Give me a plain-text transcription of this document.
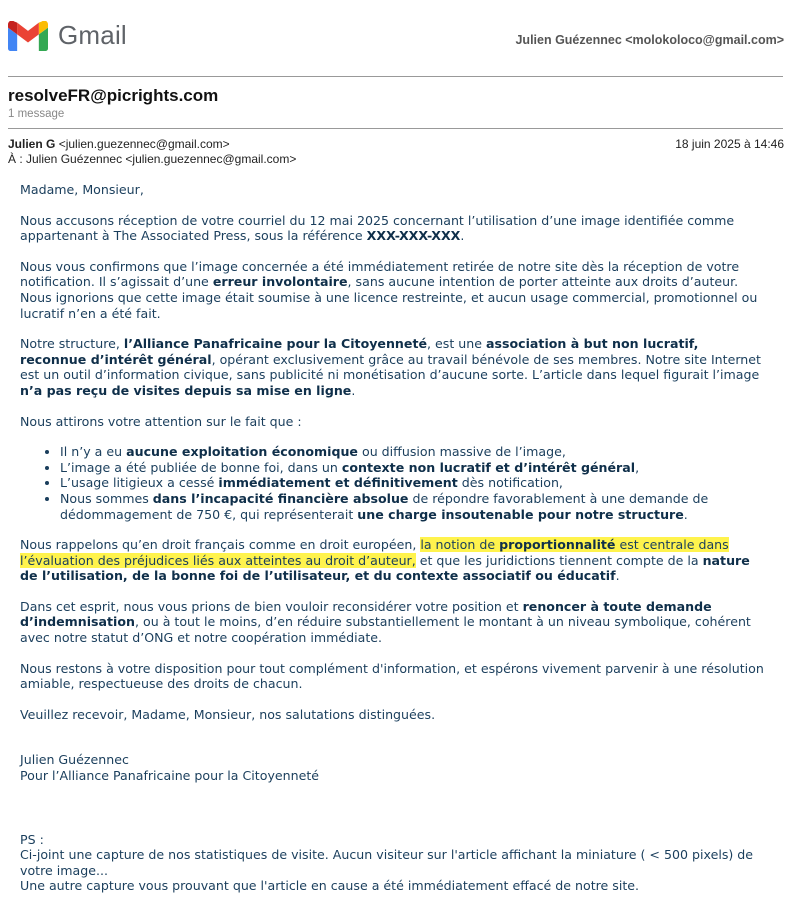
Gmail	Julien Guézennec <molokoloco@gmail.com>
resolveFR@picrights.com
1 message
Julien G <julien.guezennec@gmail.com>	18 juin 2025 à 14:46
À : Julien Guézennec <julien.guezennec@gmail.com>

Madame, Monsieur,

Nous accusons réception de votre courriel du 12 mai 2025 concernant l’utilisation d’une image identifiée comme appartenant à The Associated Press, sous la référence XXX-XXX-XXX.

Nous vous confirmons que l’image concernée a été immédiatement retirée de notre site dès la réception de votre notification. Il s’agissait d’une erreur involontaire, sans aucune intention de porter atteinte aux droits d’auteur. Nous ignorions que cette image était soumise à une licence restreinte, et aucun usage commercial, promotionnel ou lucratif n’en a été fait.

Notre structure, l’Alliance Panafricaine pour la Citoyenneté, est une association à but non lucratif, reconnue d’intérêt général, opérant exclusivement grâce au travail bénévole de ses membres. Notre site Internet est un outil d’information civique, sans publicité ni monétisation d’aucune sorte. L’article dans lequel figurait l’image n’a pas reçu de visites depuis sa mise en ligne.

Nous attirons votre attention sur le fait que :

• Il n’y a eu aucune exploitation économique ou diffusion massive de l’image,
• L’image a été publiée de bonne foi, dans un contexte non lucratif et d’intérêt général,
• L’usage litigieux a cessé immédiatement et définitivement dès notification,
• Nous sommes dans l’incapacité financière absolue de répondre favorablement à une demande de dédommagement de 750 €, qui représenterait une charge insoutenable pour notre structure.

Nous rappelons qu’en droit français comme en droit européen, la notion de proportionnalité est centrale dans l’évaluation des préjudices liés aux atteintes au droit d’auteur, et que les juridictions tiennent compte de la nature de l’utilisation, de la bonne foi de l’utilisateur, et du contexte associatif ou éducatif.

Dans cet esprit, nous vous prions de bien vouloir reconsidérer votre position et renoncer à toute demande d’indemnisation, ou à tout le moins, d’en réduire substantiellement le montant à un niveau symbolique, cohérent avec notre statut d’ONG et notre coopération immédiate.

Nous restons à votre disposition pour tout complément d'information, et espérons vivement parvenir à une résolution amiable, respectueuse des droits de chacun.

Veuillez recevoir, Madame, Monsieur, nos salutations distinguées.

Julien Guézennec
Pour l’Alliance Panafricaine pour la Citoyenneté
PS :
Ci-joint une capture de nos statistiques de visite. Aucun visiteur sur l'article affichant la miniature ( < 500 pixels) de votre image...
Une autre capture vous prouvant que l'article en cause a été immédiatement effacé de notre site.
